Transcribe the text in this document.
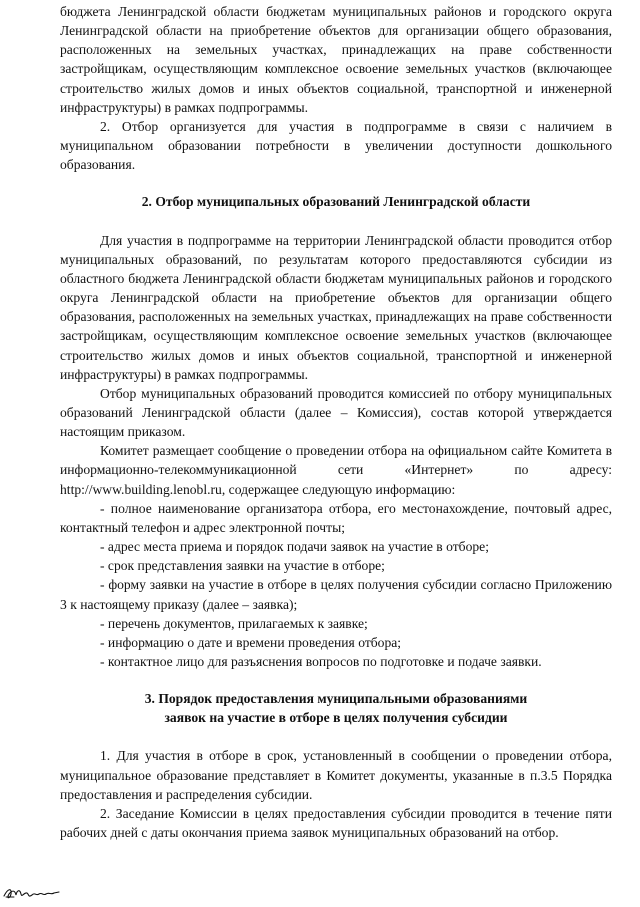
бюджета Ленинградской области бюджетам муниципальных районов и городского округа Ленинградской области на приобретение объектов для организации общего образования, расположенных на земельных участках, принадлежащих на праве собственности застройщикам, осуществляющим комплексное освоение земельных участков (включающее строительство жилых домов и иных объектов социальной, транспортной и инженерной инфраструктуры) в рамках подпрограммы.

2. Отбор организуется для участия в подпрограмме в связи с наличием в муниципальном образовании потребности в увеличении доступности дошкольного образования.

2. Отбор муниципальных образований Ленинградской области

Для участия в подпрограмме на территории Ленинградской области проводится отбор муниципальных образований, по результатам которого предоставляются субсидии из областного бюджета Ленинградской области бюджетам муниципальных районов и городского округа Ленинградской области на приобретение объектов для организации общего образования, расположенных на земельных участках, принадлежащих на праве собственности застройщикам, осуществляющим комплексное освоение земельных участков (включающее строительство жилых домов и иных объектов социальной, транспортной и инженерной инфраструктуры) в рамках подпрограммы.

Отбор муниципальных образований проводится комиссией по отбору муниципальных образований Ленинградской области (далее – Комиссия), состав которой утверждается настоящим приказом.

Комитет размещает сообщение о проведении отбора на официальном сайте Комитета в информационно-телекоммуникационной сети «Интернет» по адресу: http://www.building.lenobl.ru, содержащее следующую информацию:

- полное наименование организатора отбора, его местонахождение, почтовый адрес, контактный телефон и адрес электронной почты;

- адрес места приема и порядок подачи заявок на участие в отборе;

- срок представления заявки на участие в отборе;

- форму заявки на участие в отборе в целях получения субсидии согласно Приложению 3 к настоящему приказу (далее – заявка);

- перечень документов, прилагаемых к заявке;

- информацию о дате и времени проведения отбора;

- контактное лицо для разъяснения вопросов по подготовке и подаче заявки.

3. Порядок предоставления муниципальными образованиями

заявок на участие в отборе в целях получения субсидии

1. Для участия в отборе в срок, установленный в сообщении о проведении отбора, муниципальное образование представляет в Комитет документы, указанные в п.3.5 Порядка предоставления и распределения субсидии.

2. Заседание Комиссии в целях предоставления субсидии проводится в течение пяти рабочих дней с даты окончания приема заявок муниципальных образований на отбор.
